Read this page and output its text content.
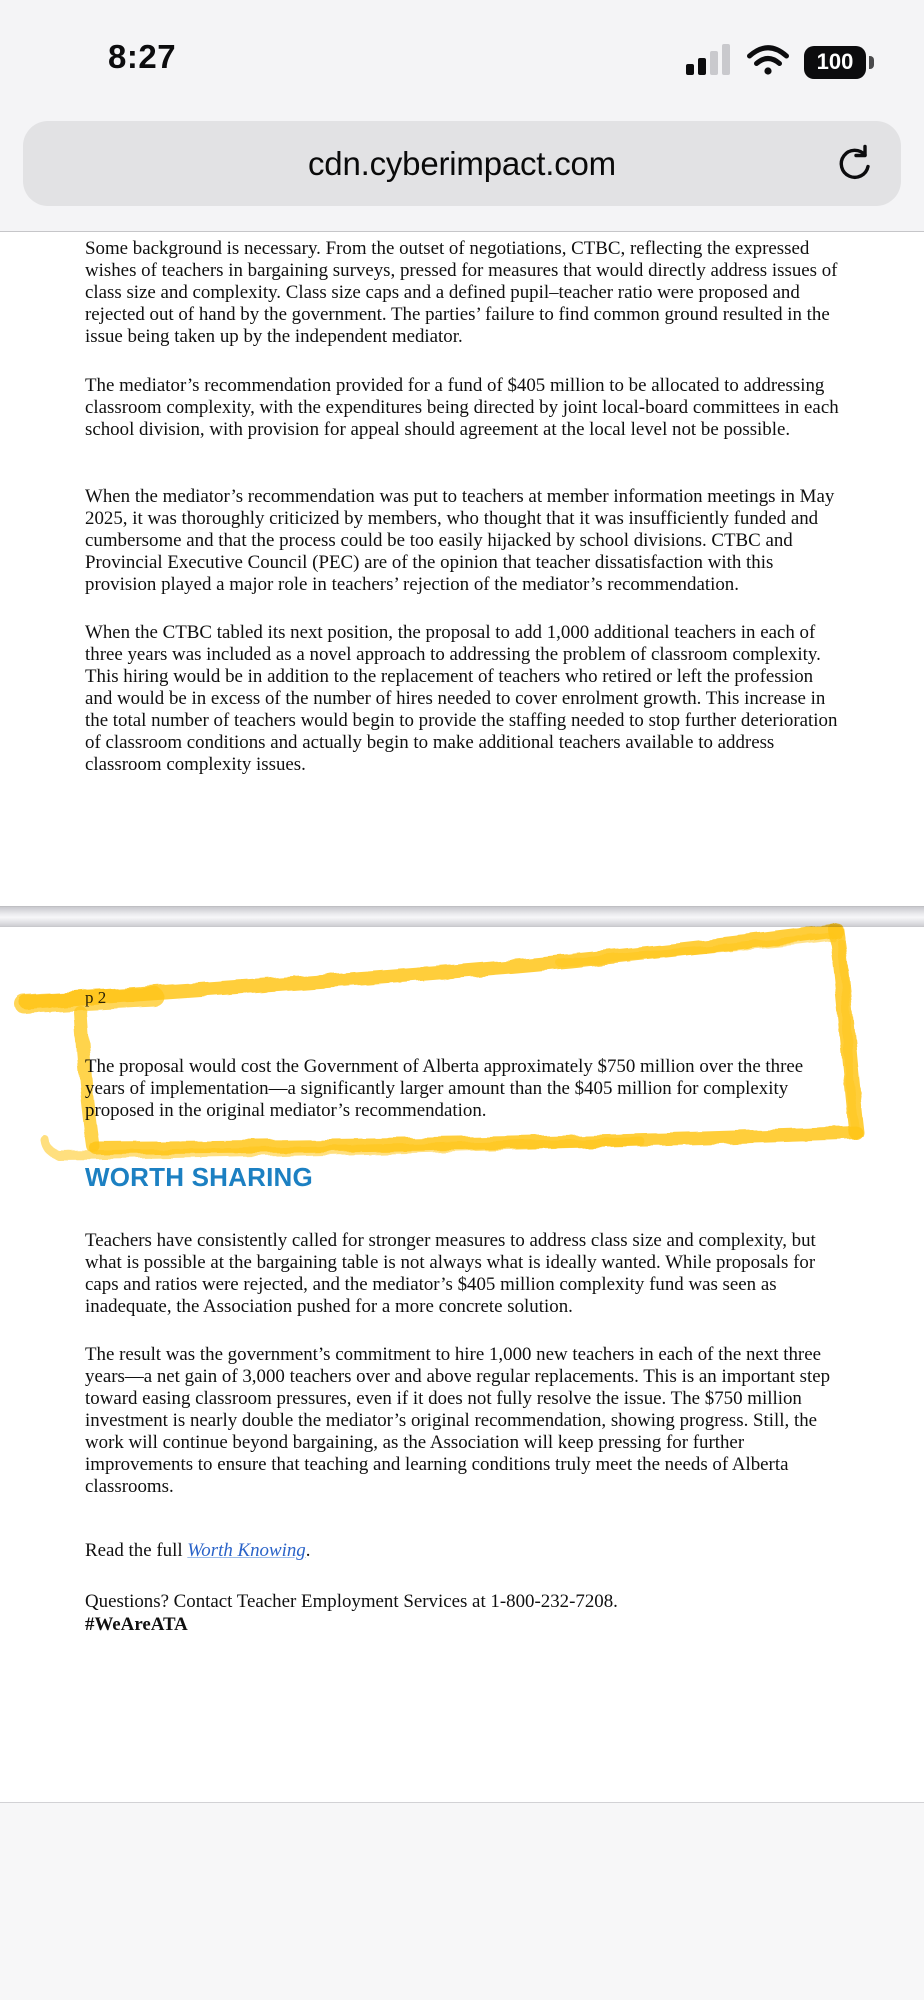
8:27	100
cdn.cyberimpact.com

Some background is necessary. From the outset of negotiations, CTBC, reflecting the expressed wishes of teachers in bargaining surveys, pressed for measures that would directly address issues of class size and complexity. Class size caps and a defined pupil–teacher ratio were proposed and rejected out of hand by the government. The parties’ failure to find common ground resulted in the issue being taken up by the independent mediator.

The mediator’s recommendation provided for a fund of $405 million to be allocated to addressing classroom complexity, with the expenditures being directed by joint local-board committees in each school division, with provision for appeal should agreement at the local level not be possible.

When the mediator’s recommendation was put to teachers at member information meetings in May 2025, it was thoroughly criticized by members, who thought that it was insufficiently funded and cumbersome and that the process could be too easily hijacked by school divisions. CTBC and Provincial Executive Council (PEC) are of the opinion that teacher dissatisfaction with this provision played a major role in teachers’ rejection of the mediator’s recommendation.

When the CTBC tabled its next position, the proposal to add 1,000 additional teachers in each of three years was included as a novel approach to addressing the problem of classroom complexity. This hiring would be in addition to the replacement of teachers who retired or left the profession and would be in excess of the number of hires needed to cover enrolment growth. This increase in the total number of teachers would begin to provide the staffing needed to stop further deterioration of classroom conditions and actually begin to make additional teachers available to address classroom complexity issues.

p 2

The proposal would cost the Government of Alberta approximately $750 million over the three years of implementation—a significantly larger amount than the $405 million for complexity proposed in the original mediator’s recommendation.

WORTH SHARING

Teachers have consistently called for stronger measures to address class size and complexity, but what is possible at the bargaining table is not always what is ideally wanted. While proposals for caps and ratios were rejected, and the mediator’s $405 million complexity fund was seen as inadequate, the Association pushed for a more concrete solution.

The result was the government’s commitment to hire 1,000 new teachers in each of the next three years—a net gain of 3,000 teachers over and above regular replacements. This is an important step toward easing classroom pressures, even if it does not fully resolve the issue. The $750 million investment is nearly double the mediator’s original recommendation, showing progress. Still, the work will continue beyond bargaining, as the Association will keep pressing for further improvements to ensure that teaching and learning conditions truly meet the needs of Alberta classrooms.

Read the full Worth Knowing.

Questions? Contact Teacher Employment Services at 1-800-232-7208.
#WeAreATA
